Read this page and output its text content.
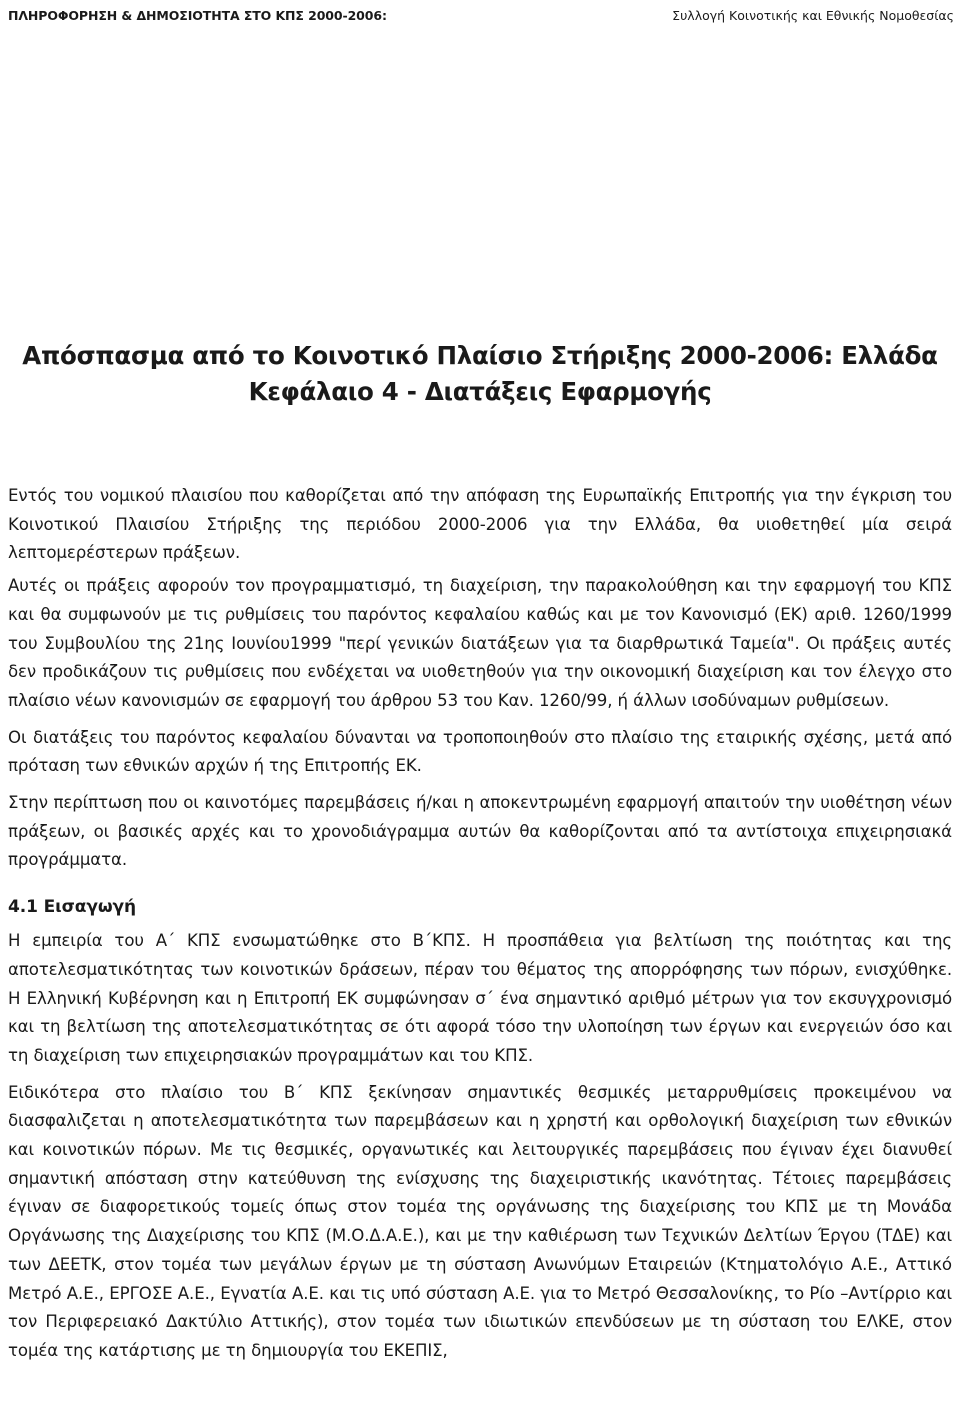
ΠΛΗΡΟΦΟΡΗΣΗ & ΔΗΜΟΣΙΟΤΗΤΑ ΣΤΟ ΚΠΣ 2000-2006:	Συλλογή Κοινοτικής και Εθνικής Νομοθεσίας
Απόσπασμα από το Κοινοτικό Πλαίσιο Στήριξης 2000-2006: Ελλάδα
Κεφάλαιο 4 - Διατάξεις Εφαρμογής

Εντός του νομικού πλαισίου που καθορίζεται από την απόφαση της Ευρωπαϊκής Επιτροπής για την έγκριση του Κοινοτικού Πλαισίου Στήριξης της περιόδου 2000-2006 για την Ελλάδα, θα υιοθετηθεί μία σειρά λεπτομερέστερων πράξεων.

Αυτές οι πράξεις αφορούν τον προγραμματισμό, τη διαχείριση, την παρακολούθηση και την εφαρμογή του ΚΠΣ και θα συμφωνούν με τις ρυθμίσεις του παρόντος κεφαλαίου καθώς και με τον Κανονισμό (ΕΚ) αριθ. 1260/1999 του Συμβουλίου της 21ης Ιουνίου1999 "περί γενικών διατάξεων για τα διαρθρωτικά Ταμεία". Οι πράξεις αυτές δεν προδικάζουν τις ρυθμίσεις που ενδέχεται να υιοθετηθούν για την οικονομική διαχείριση και τον έλεγχο στο πλαίσιο νέων κανονισμών σε εφαρμογή του άρθρου 53 του Καν. 1260/99, ή άλλων ισοδύναμων ρυθμίσεων.

Οι διατάξεις του παρόντος κεφαλαίου δύνανται να τροποποιηθούν στο πλαίσιο της εταιρικής σχέσης, μετά από πρόταση των εθνικών αρχών ή της Επιτροπής ΕΚ.

Στην περίπτωση που οι καινοτόμες παρεμβάσεις ή/και η αποκεντρωμένη εφαρμογή απαιτούν την υιοθέτηση νέων πράξεων, οι βασικές αρχές και το χρονοδιάγραμμα αυτών θα καθορίζονται από τα αντίστοιχα επιχειρησιακά προγράμματα.

4.1 Εισαγωγή

Η εμπειρία του Α΄ ΚΠΣ ενσωματώθηκε στο Β΄ΚΠΣ. Η προσπάθεια για βελτίωση της ποιότητας και της αποτελεσματικότητας των κοινοτικών δράσεων, πέραν του θέματος της απορρόφησης των πόρων, ενισχύθηκε. Η Ελληνική Κυβέρνηση και η Επιτροπή ΕΚ συμφώνησαν σ΄ ένα σημαντικό αριθμό μέτρων για τον εκσυγχρονισμό και τη βελτίωση της αποτελεσματικότητας σε ότι αφορά τόσο την υλοποίηση των έργων και ενεργειών όσο και τη διαχείριση των επιχειρησιακών προγραμμάτων και του ΚΠΣ.

Ειδικότερα στο πλαίσιο του Β΄ ΚΠΣ ξεκίνησαν σημαντικές θεσμικές μεταρρυθμίσεις προκειμένου να διασφαλιζεται η αποτελεσματικότητα των παρεμβάσεων και η χρηστή και ορθολογική διαχείριση των εθνικών και κοινοτικών πόρων. Με τις θεσμικές, οργανωτικές και λειτουργικές παρεμβάσεις που έγιναν έχει διανυθεί σημαντική απόσταση στην κατεύθυνση της ενίσχυσης της διαχειριστικής ικανότητας. Τέτοιες παρεμβάσεις έγιναν σε διαφορετικούς τομείς όπως στον τομέα της οργάνωσης της διαχείρισης του ΚΠΣ με τη Μονάδα Οργάνωσης της Διαχείρισης του ΚΠΣ (Μ.Ο.Δ.Α.Ε.), και με την καθιέρωση των Τεχνικών Δελτίων Έργου (ΤΔΕ) και των ΔΕΕΤΚ, στον τομέα των μεγάλων έργων με τη σύσταση Ανωνύμων Εταιρειών (Κτηματολόγιο Α.Ε., Αττικό Μετρό Α.Ε., ΕΡΓΟΣΕ Α.Ε., Εγνατία Α.Ε. και τις υπό σύσταση Α.Ε. για το Μετρό Θεσσαλονίκης, το Ρίο –Αντίρριο και τον Περιφερειακό Δακτύλιο Αττικής), στον τομέα των ιδιωτικών επενδύσεων με τη σύσταση του ΕΛΚΕ, στον τομέα της κατάρτισης με τη δημιουργία του ΕΚΕΠΙΣ,
